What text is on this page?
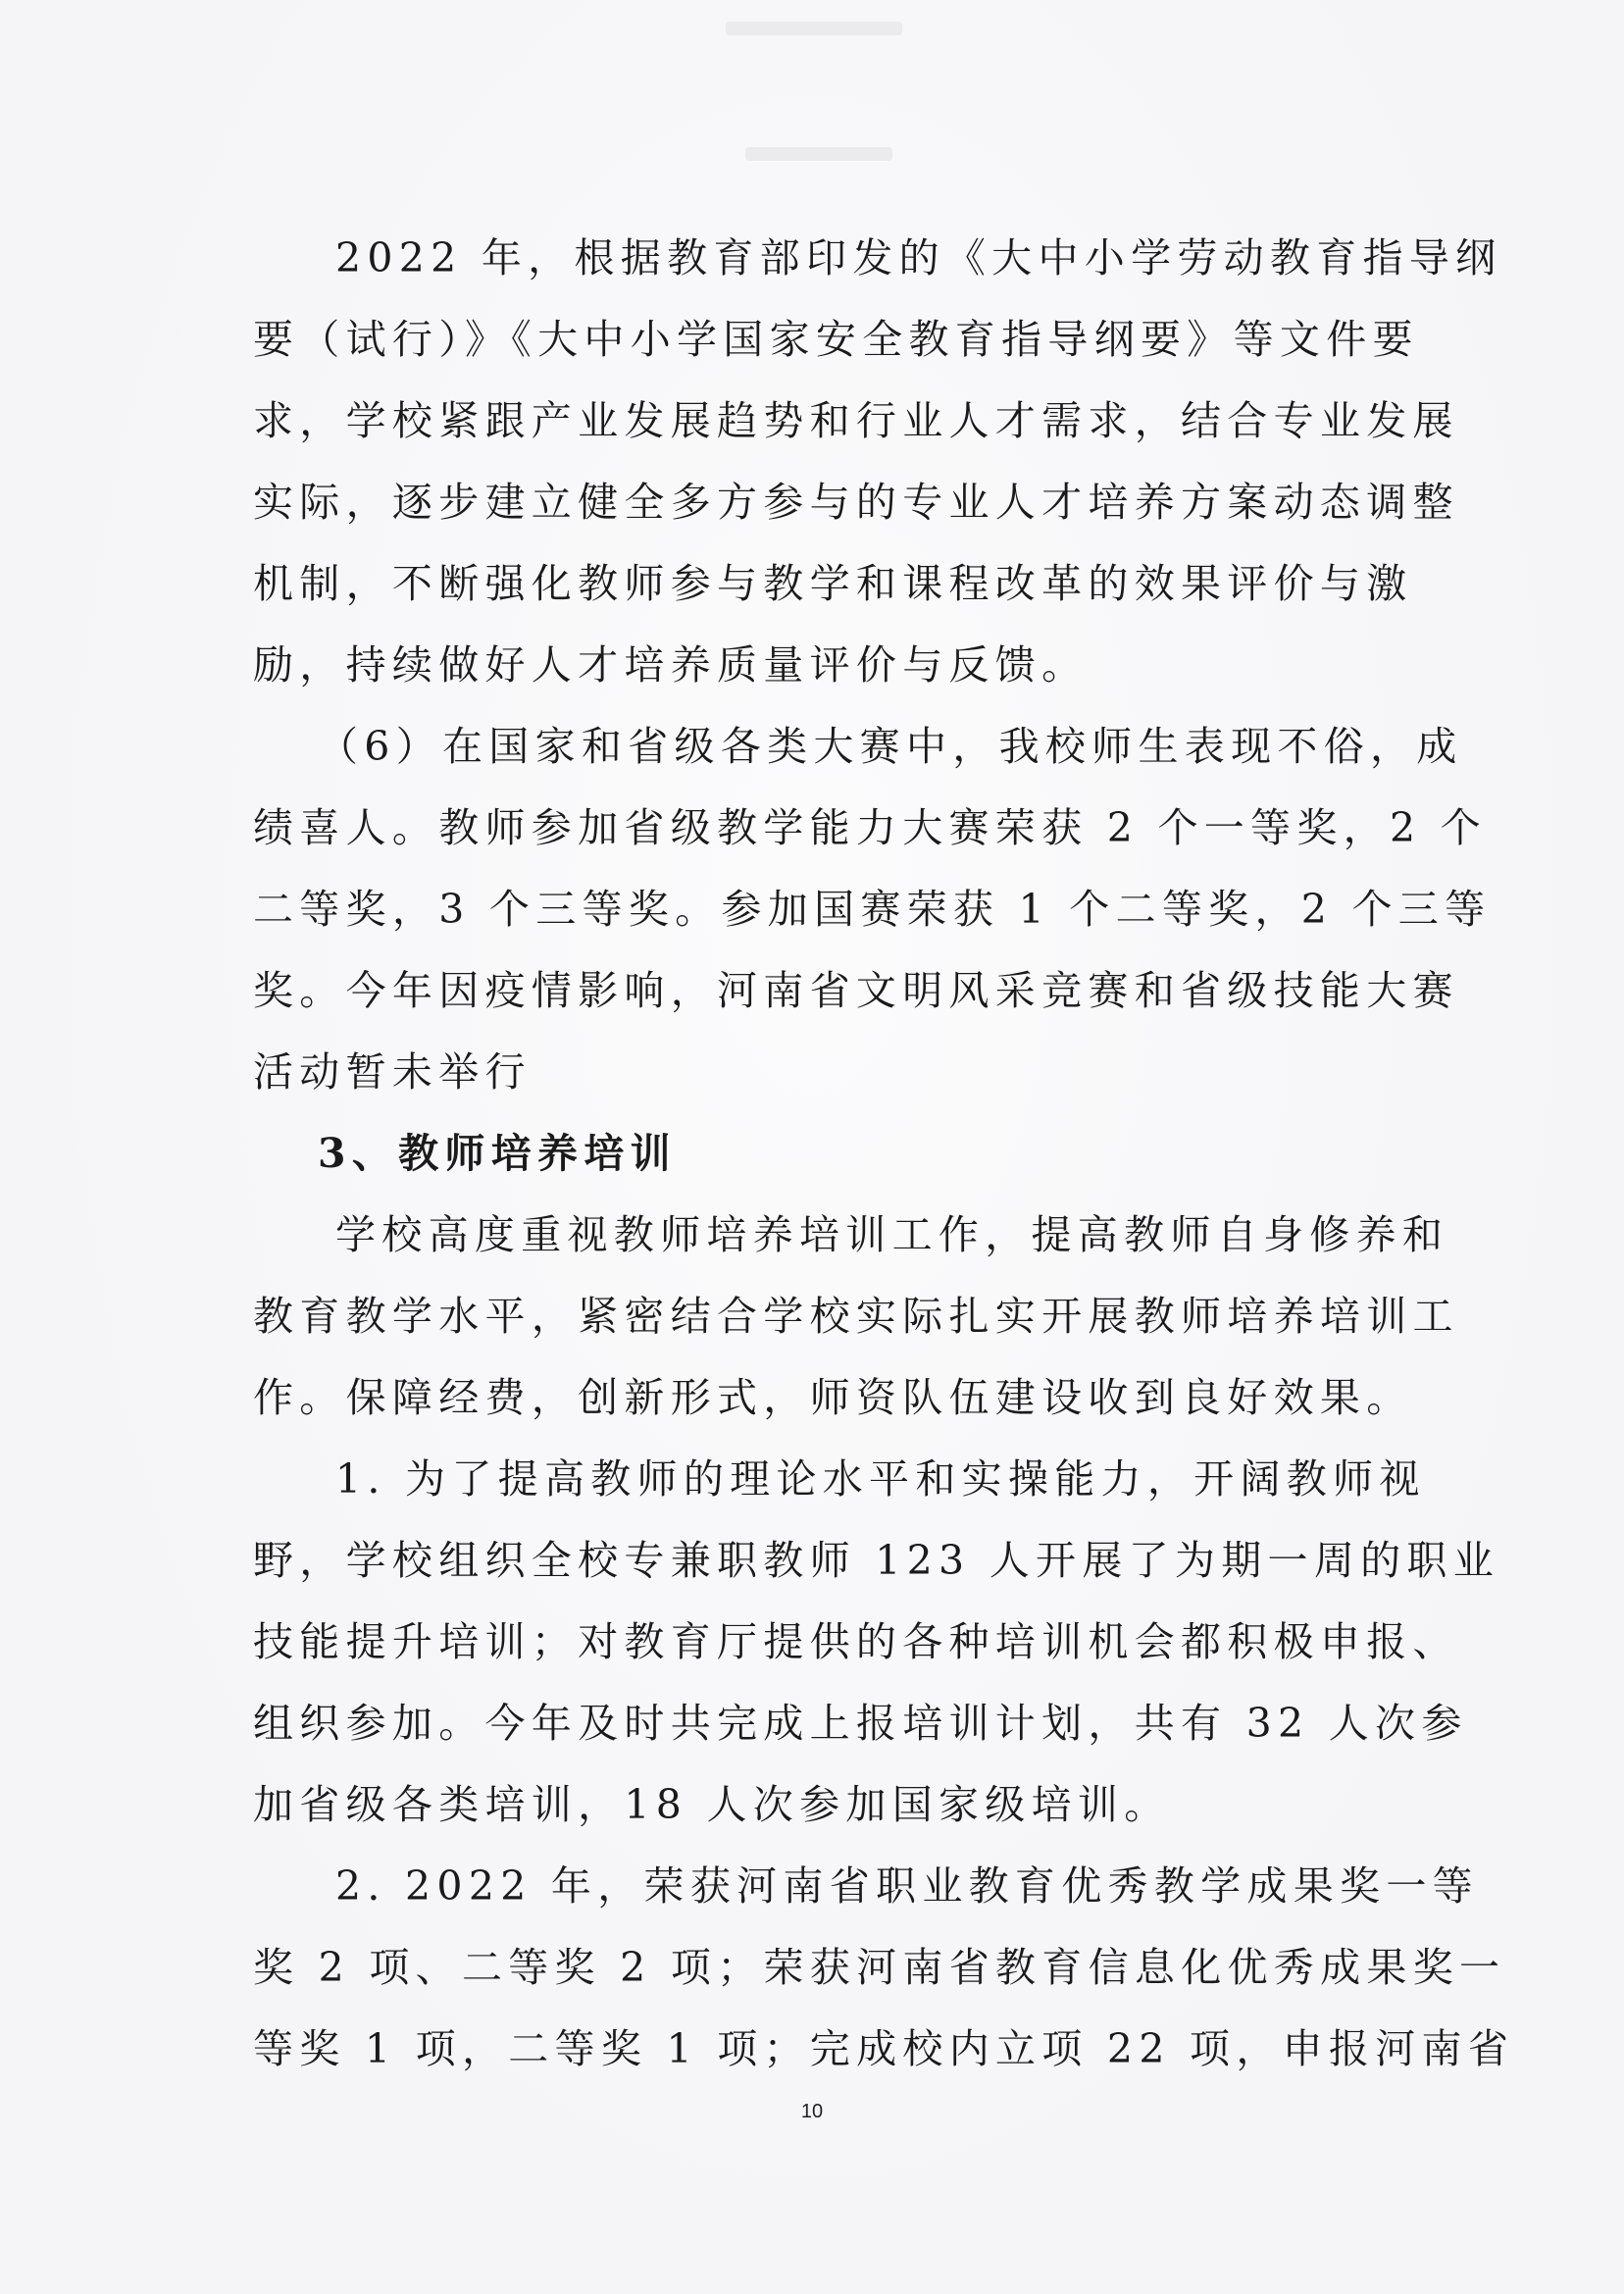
2022 年，根据教育部印发的《大中小学劳动教育指导纲
要（试行）》《大中小学国家安全教育指导纲要》等文件要
求，学校紧跟产业发展趋势和行业人才需求，结合专业发展
实际，逐步建立健全多方参与的专业人才培养方案动态调整
机制，不断强化教师参与教学和课程改革的效果评价与激
励，持续做好人才培养质量评价与反馈。
（6）在国家和省级各类大赛中，我校师生表现不俗，成
绩喜人。教师参加省级教学能力大赛荣获 2 个一等奖，2 个
二等奖，3 个三等奖。参加国赛荣获 1 个二等奖，2 个三等
奖。今年因疫情影响，河南省文明风采竞赛和省级技能大赛
活动暂未举行
3、教师培养培训
学校高度重视教师培养培训工作，提高教师自身修养和
教育教学水平，紧密结合学校实际扎实开展教师培养培训工
作。保障经费，创新形式，师资队伍建设收到良好效果。
1. 为了提高教师的理论水平和实操能力，开阔教师视
野，学校组织全校专兼职教师 123 人开展了为期一周的职业
技能提升培训；对教育厅提供的各种培训机会都积极申报、
组织参加。今年及时共完成上报培训计划，共有 32 人次参
加省级各类培训，18 人次参加国家级培训。
2. 2022 年，荣获河南省职业教育优秀教学成果奖一等
奖 2 项、二等奖 2 项；荣获河南省教育信息化优秀成果奖一
等奖 1 项，二等奖 1 项；完成校内立项 22 项，申报河南省
10
